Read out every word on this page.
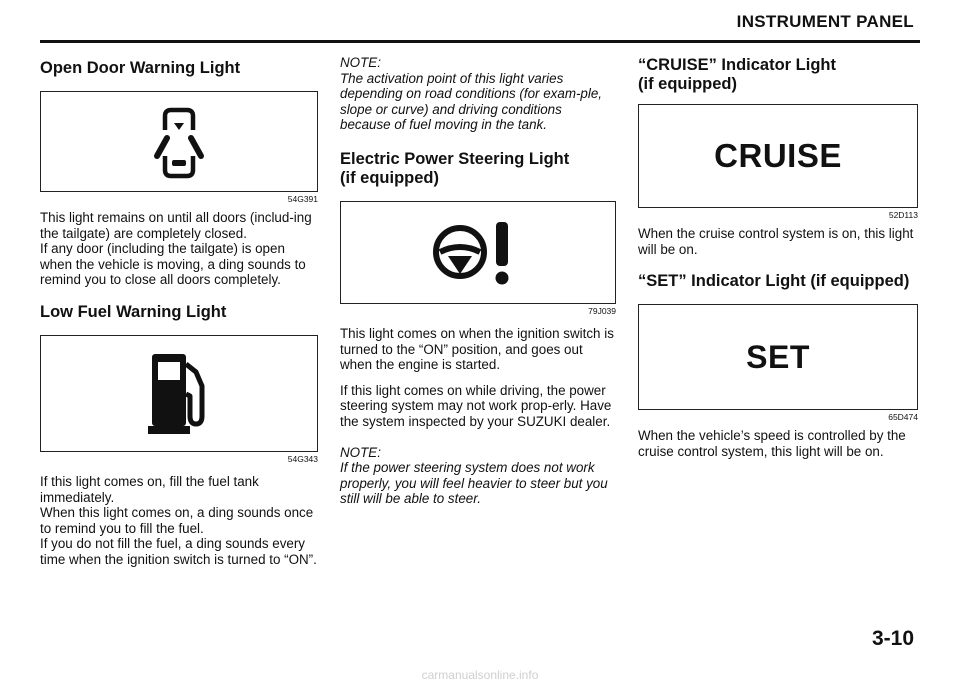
INSTRUMENT PANEL
Open Door Warning Light
54G391

This light remains on until all doors (includ-ing the tailgate) are completely closed.
If any door (including the tailgate) is open when the vehicle is moving, a ding sounds to remind you to close all doors completely.

Low Fuel Warning Light
54G343

If this light comes on, fill the fuel tank immediately.
When this light comes on, a ding sounds once to remind you to fill the fuel.
If you do not fill the fuel, a ding sounds every time when the ignition switch is turned to “ON”.

NOTE:

The activation point of this light varies depending on road conditions (for exam-ple, slope or curve) and driving conditions because of fuel moving in the tank.

Electric Power Steering Light
(if equipped)
79J039

This light comes on when the ignition switch is turned to the “ON” position, and goes out when the engine is started.

If this light comes on while driving, the power steering system may not work prop-erly. Have the system inspected by your SUZUKI dealer.

NOTE:

If the power steering system does not work properly, you will feel heavier to steer but you still will be able to steer.

“CRUISE” Indicator Light
(if equipped)
CRUISE
52D113

When the cruise control system is on, this light will be on.

“SET” Indicator Light (if equipped)
SET
65D474

When the vehicle’s speed is controlled by the cruise control system, this light will be on.

3-10
carmanualsonline.info
